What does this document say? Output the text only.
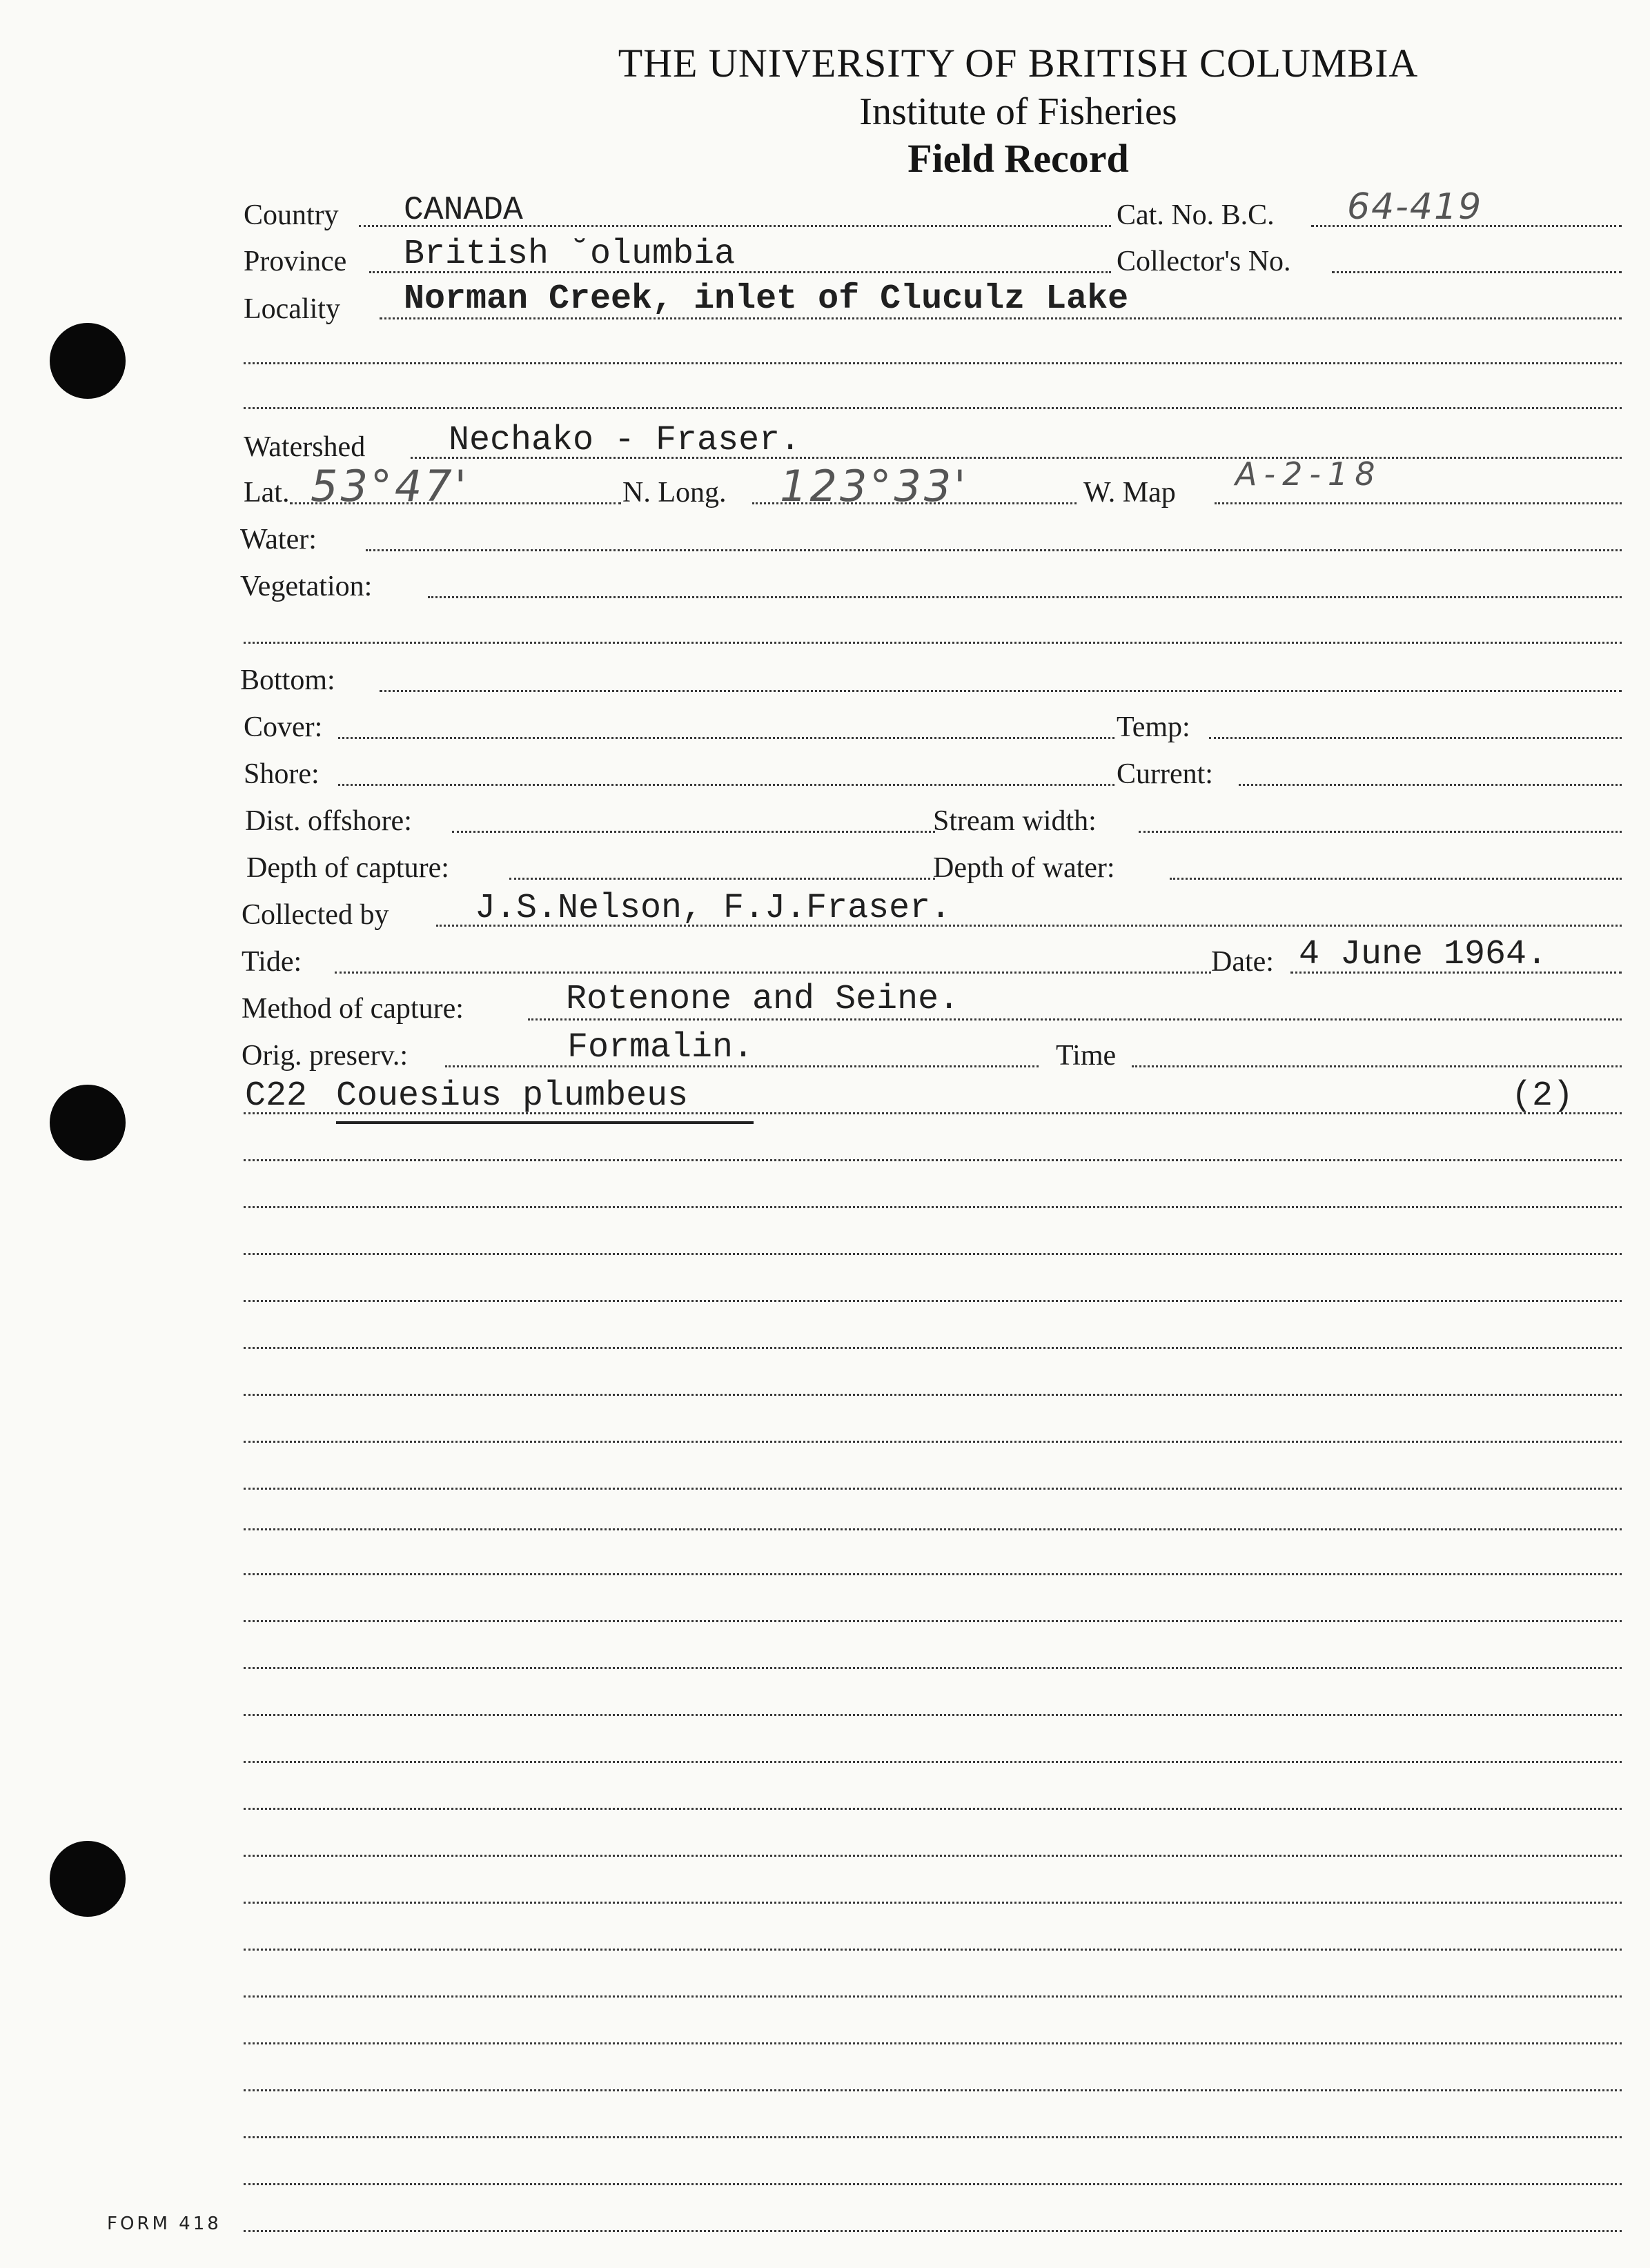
THE UNIVERSITY OF BRITISH COLUMBIA
Institute of Fisheries
Field Record
Country CANADA	Cat. No. B.C. 64-419
Province British ˘olumbia	Collector's No.
Locality Norman Creek, inlet of Cluculz Lake
Watershed Nechako - Fraser.
Lat. 53°47'	N. Long. 123°33'	W. Map A-2-18
Water:
Vegetation:
Bottom:
Cover:	Temp:
Shore:	Current:
Dist. offshore:	Stream width:
Depth of capture:	Depth of water:
Collected by J.S.Nelson, F.J.Fraser.
Tide:	Date: 4 June 1964.
Method of capture:	Rotenone and Seine.
Orig. preserv.:	Formalin.	Time
C22 Couesius plumbeus	(2)
FORM 418
